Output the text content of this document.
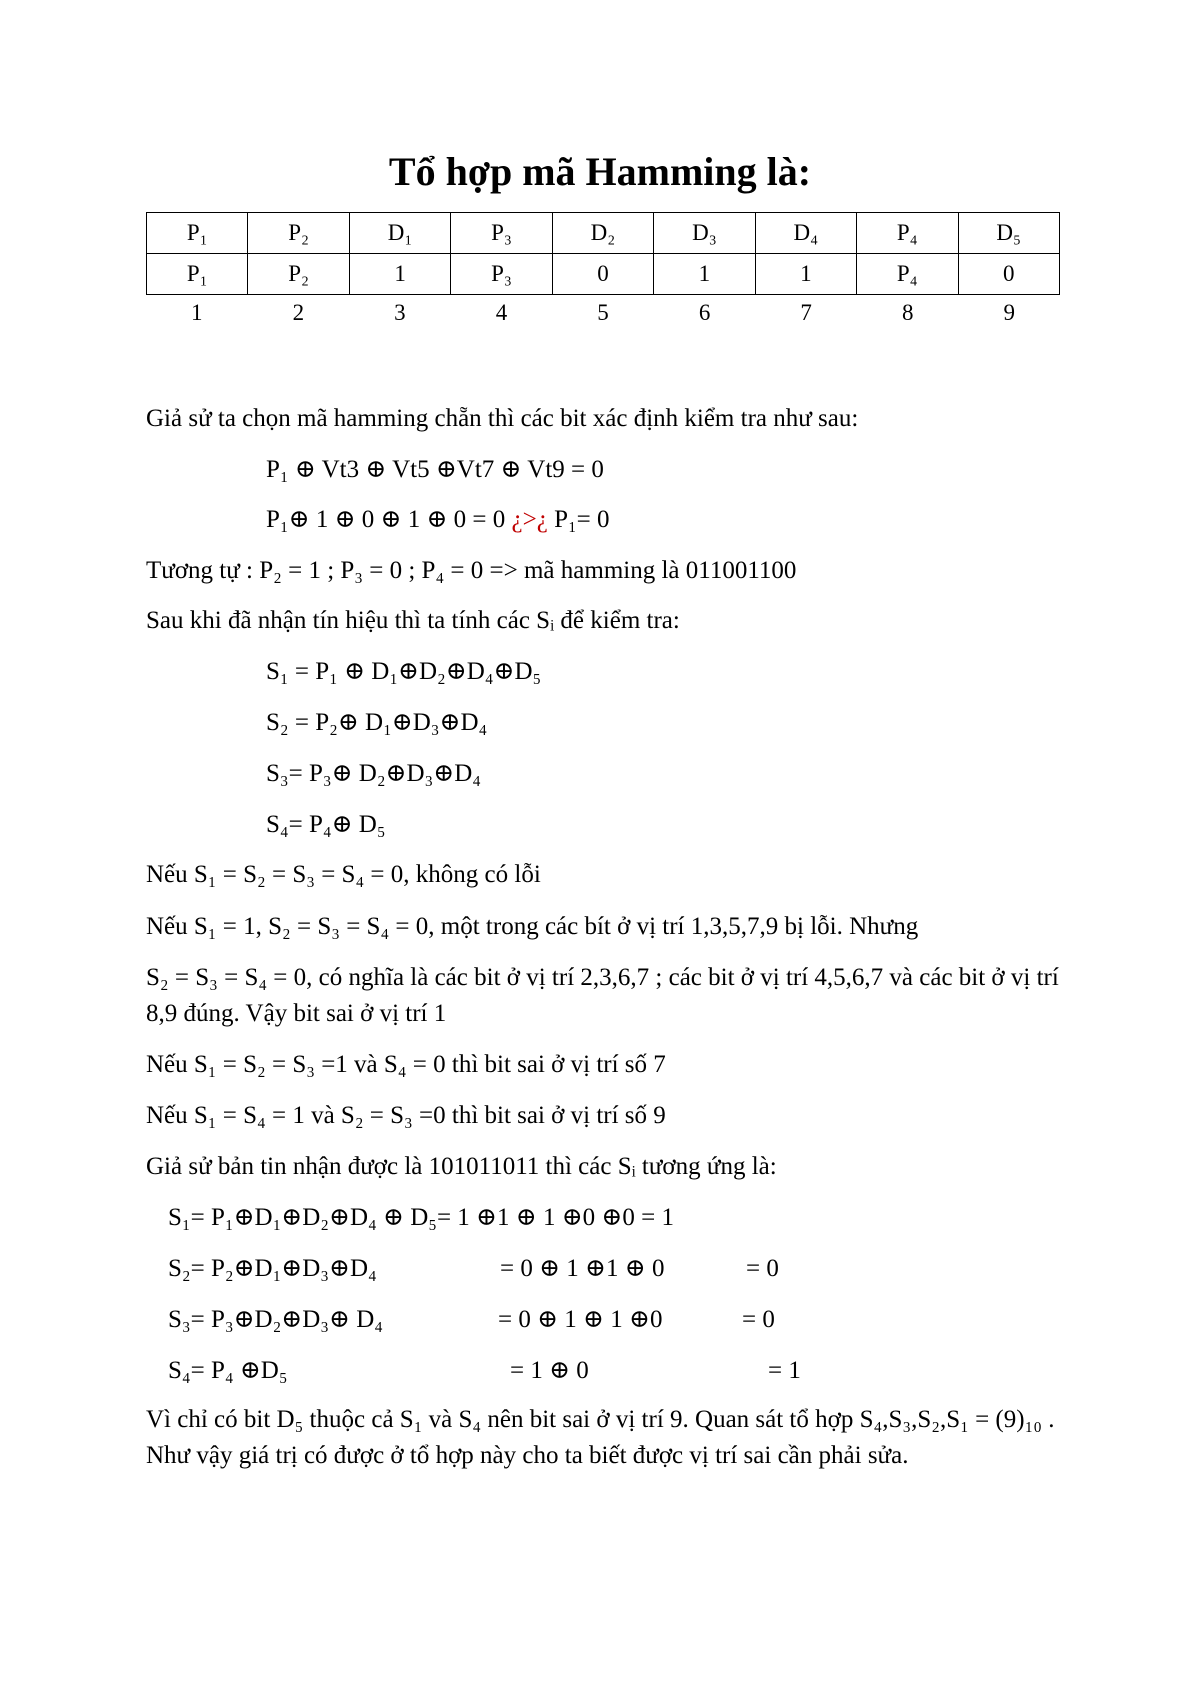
Tổ hợp mã Hamming là:
P₁	P₂	D₁	P₃	D₂	D₃	D₄	P₄	D₅
P₁	P₂	1	P₃	0	1	1	P₄	0
1	2	3	4	5	6	7	8	9
Giả sử ta chọn mã hamming chẵn thì các bit xác định kiểm tra như sau:
P₁ ⊕ Vt3 ⊕ Vt5 ⊕Vt7 ⊕ Vt9 = 0
P₁⊕ 1 ⊕ 0 ⊕ 1 ⊕ 0 = 0 ¿>¿ P₁= 0
Tương tự : P₂ = 1 ; P₃ = 0 ; P₄ = 0 => mã hamming là 011001100
Sau khi đã nhận tín hiệu thì ta tính các Sᵢ để kiểm tra:
S₁ = P₁ ⊕ D₁⊕D₂⊕D₄⊕D₅
S₂ = P₂⊕ D₁⊕D₃⊕D₄
S₃= P₃⊕ D₂⊕D₃⊕D₄
S₄= P₄⊕ D₅
Nếu S₁ = S₂ = S₃ = S₄ = 0, không có lỗi
Nếu S₁ = 1, S₂ = S₃ = S₄ = 0, một trong các bít ở vị trí 1,3,5,7,9 bị lỗi. Nhưng
S₂ = S₃ = S₄ = 0, có nghĩa là các bit ở vị trí 2,3,6,7 ; các bit ở vị trí 4,5,6,7 và các bit ở vị trí 8,9 đúng. Vậy bit sai ở vị trí 1
Nếu S₁ = S₂ = S₃ =1 và S₄ = 0 thì bit sai ở vị trí số 7
Nếu S₁ = S₄ = 1 và S₂ = S₃ =0 thì bit sai ở vị trí số 9
Giả sử bản tin nhận được là 101011011 thì các Sᵢ tương ứng là:
S₁= P₁⊕D₁⊕D₂⊕D₄ ⊕ D₅= 1 ⊕1 ⊕ 1 ⊕0 ⊕0 = 1
S₂= P₂⊕D₁⊕D₃⊕D₄	= 0 ⊕ 1 ⊕1 ⊕ 0	= 0
S₃= P₃⊕D₂⊕D₃⊕ D₄	= 0 ⊕ 1 ⊕ 1 ⊕0	= 0
S₄= P₄ ⊕D₅	= 1 ⊕ 0	= 1
Vì chỉ có bit D₅ thuộc cả S₁ và S₄ nên bit sai ở vị trí 9. Quan sát tổ hợp S₄,S₃,S₂,S₁ = (9)₁₀ . Như vậy giá trị có được ở tổ hợp này cho ta biết được vị trí sai cần phải sửa.
